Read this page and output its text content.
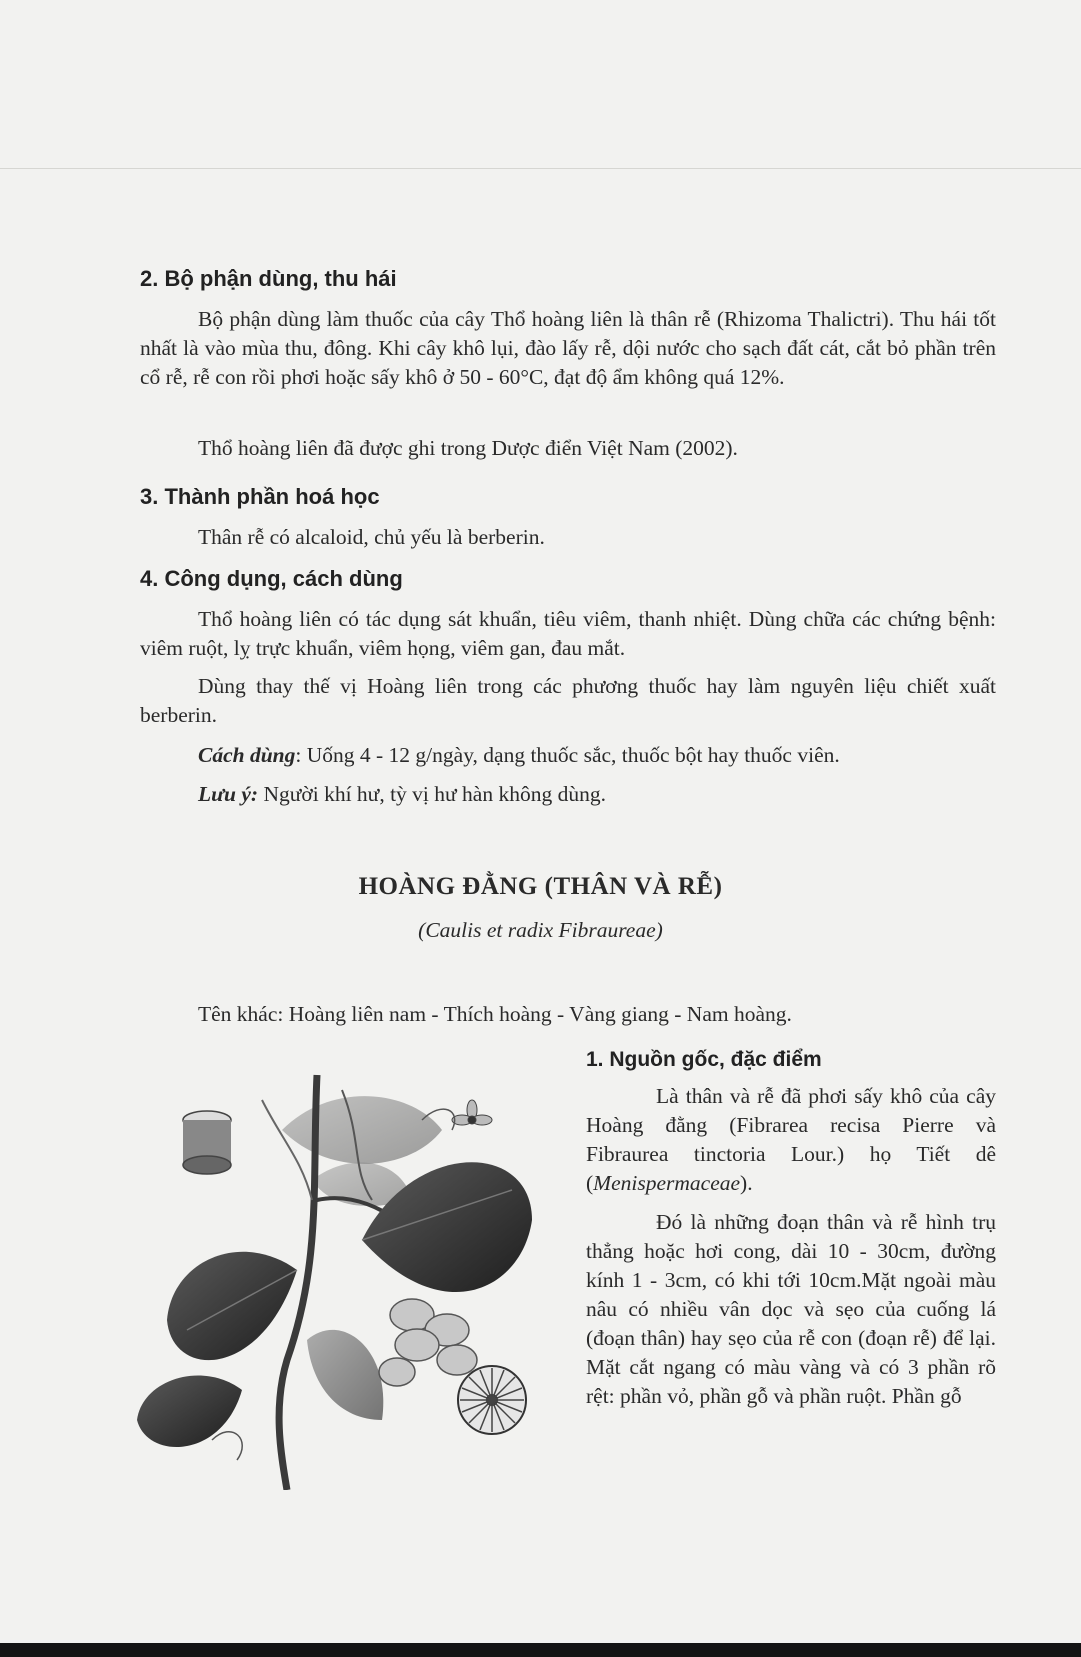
2. Bộ phận dùng, thu hái

Bộ phận dùng làm thuốc của cây Thổ hoàng liên là thân rễ (Rhizoma Thalictri). Thu hái tốt nhất là vào mùa thu, đông. Khi cây khô lụi, đào lấy rễ, dội nước cho sạch đất cát, cắt bỏ phần trên cổ rễ, rễ con rồi phơi hoặc sấy khô ở 50 - 60°C, đạt độ ẩm không quá 12%.

Thổ hoàng liên đã được ghi trong Dược điển Việt Nam (2002).

3. Thành phần hoá học

Thân rễ có alcaloid, chủ yếu là berberin.

4. Công dụng, cách dùng

Thổ hoàng liên có tác dụng sát khuẩn, tiêu viêm, thanh nhiệt. Dùng chữa các chứng bệnh: viêm ruột, lỵ trực khuẩn, viêm họng, viêm gan, đau mắt.

Dùng thay thế vị Hoàng liên trong các phương thuốc hay làm nguyên liệu chiết xuất berberin.

Cách dùng: Uống 4 - 12 g/ngày, dạng thuốc sắc, thuốc bột hay thuốc viên.

Lưu ý: Người khí hư, tỳ vị hư hàn không dùng.

HOÀNG ĐẰNG (THÂN VÀ RỄ)
(Caulis et radix Fibraureae)

Tên khác: Hoàng liên nam - Thích hoàng - Vàng giang - Nam hoàng.

1. Nguồn gốc, đặc điểm

Là thân và rễ đã phơi sấy khô của cây Hoàng đằng (Fibrarea recisa Pierre và Fibraurea tinctoria Lour.) họ Tiết dê (Menispermaceae).

Đó là những đoạn thân và rễ hình trụ thẳng hoặc hơi cong, dài 10 - 30cm, đường kính 1 - 3cm, có khi tới 10cm.Mặt ngoài màu nâu có nhiều vân dọc và sẹo của cuống lá (đoạn thân) hay sẹo của rễ con (đoạn rễ) để lại. Mặt cắt ngang có màu vàng và có 3 phần rõ rệt: phần vỏ, phần gỗ và phần ruột. Phần gỗ
